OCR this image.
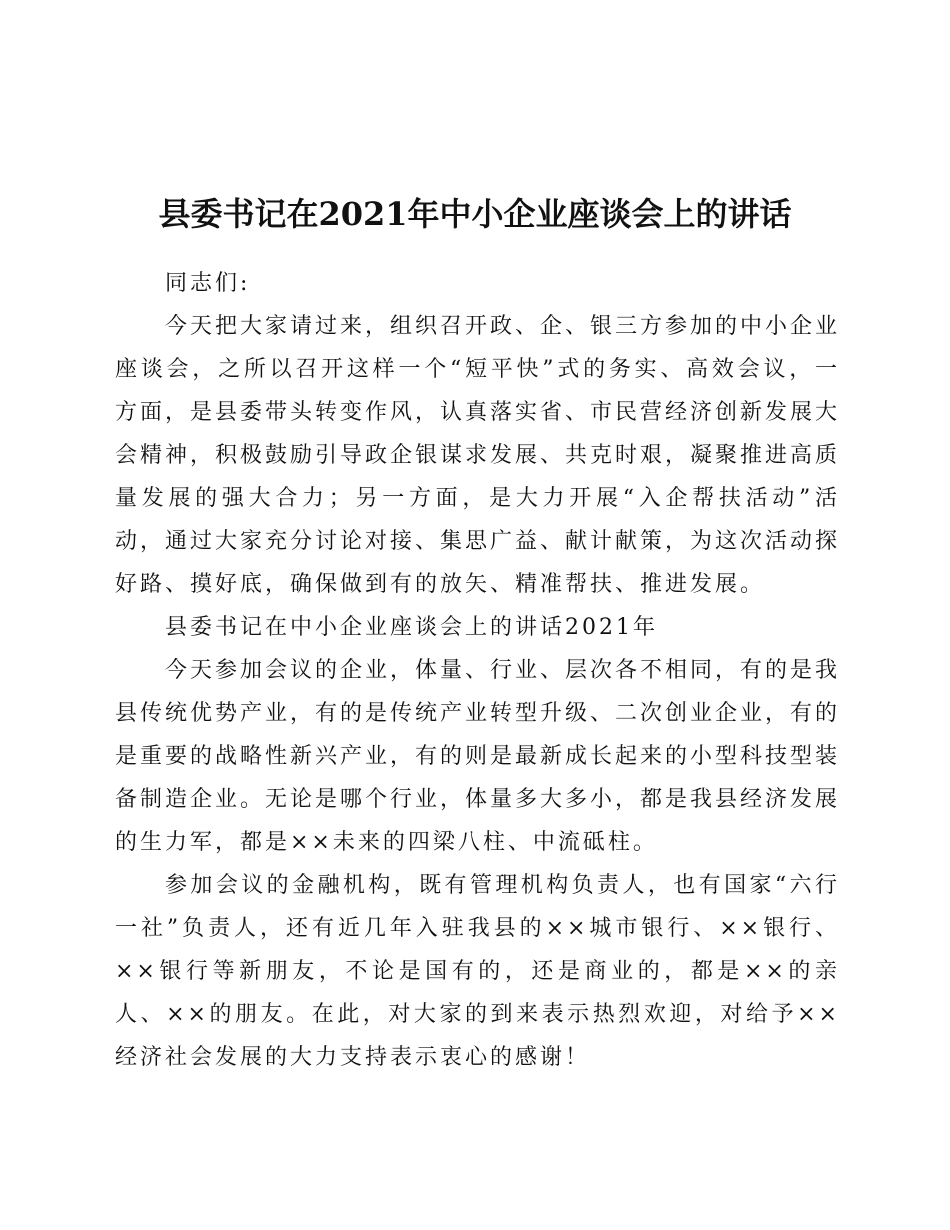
县委书记在2021年中小企业座谈会上的讲话

同志们:

今天把大家请过来，组织召开政、企、银三方参加的中小企业座谈会，之所以召开这样一个“短平快”式的务实、高效会议，一方面，是县委带头转变作风，认真落实省、市民营经济创新发展大会精神，积极鼓励引导政企银谋求发展、共克时艰，凝聚推进高质量发展的强大合力；另一方面，是大力开展“入企帮扶活动”活动，通过大家充分讨论对接、集思广益、献计献策，为这次活动探好路、摸好底，确保做到有的放矢、精准帮扶、推进发展。

县委书记在中小企业座谈会上的讲话2021年

今天参加会议的企业，体量、行业、层次各不相同，有的是我县传统优势产业，有的是传统产业转型升级、二次创业企业，有的是重要的战略性新兴产业，有的则是最新成长起来的小型科技型装备制造企业。无论是哪个行业，体量多大多小，都是我县经济发展的生力军，都是××未来的四梁八柱、中流砥柱。

参加会议的金融机构，既有管理机构负责人，也有国家“六行一社”负责人，还有近几年入驻我县的××城市银行、××银行、××银行等新朋友，不论是国有的，还是商业的，都是××的亲人、××的朋友。在此，对大家的到来表示热烈欢迎，对给予××经济社会发展的大力支持表示衷心的感谢！
